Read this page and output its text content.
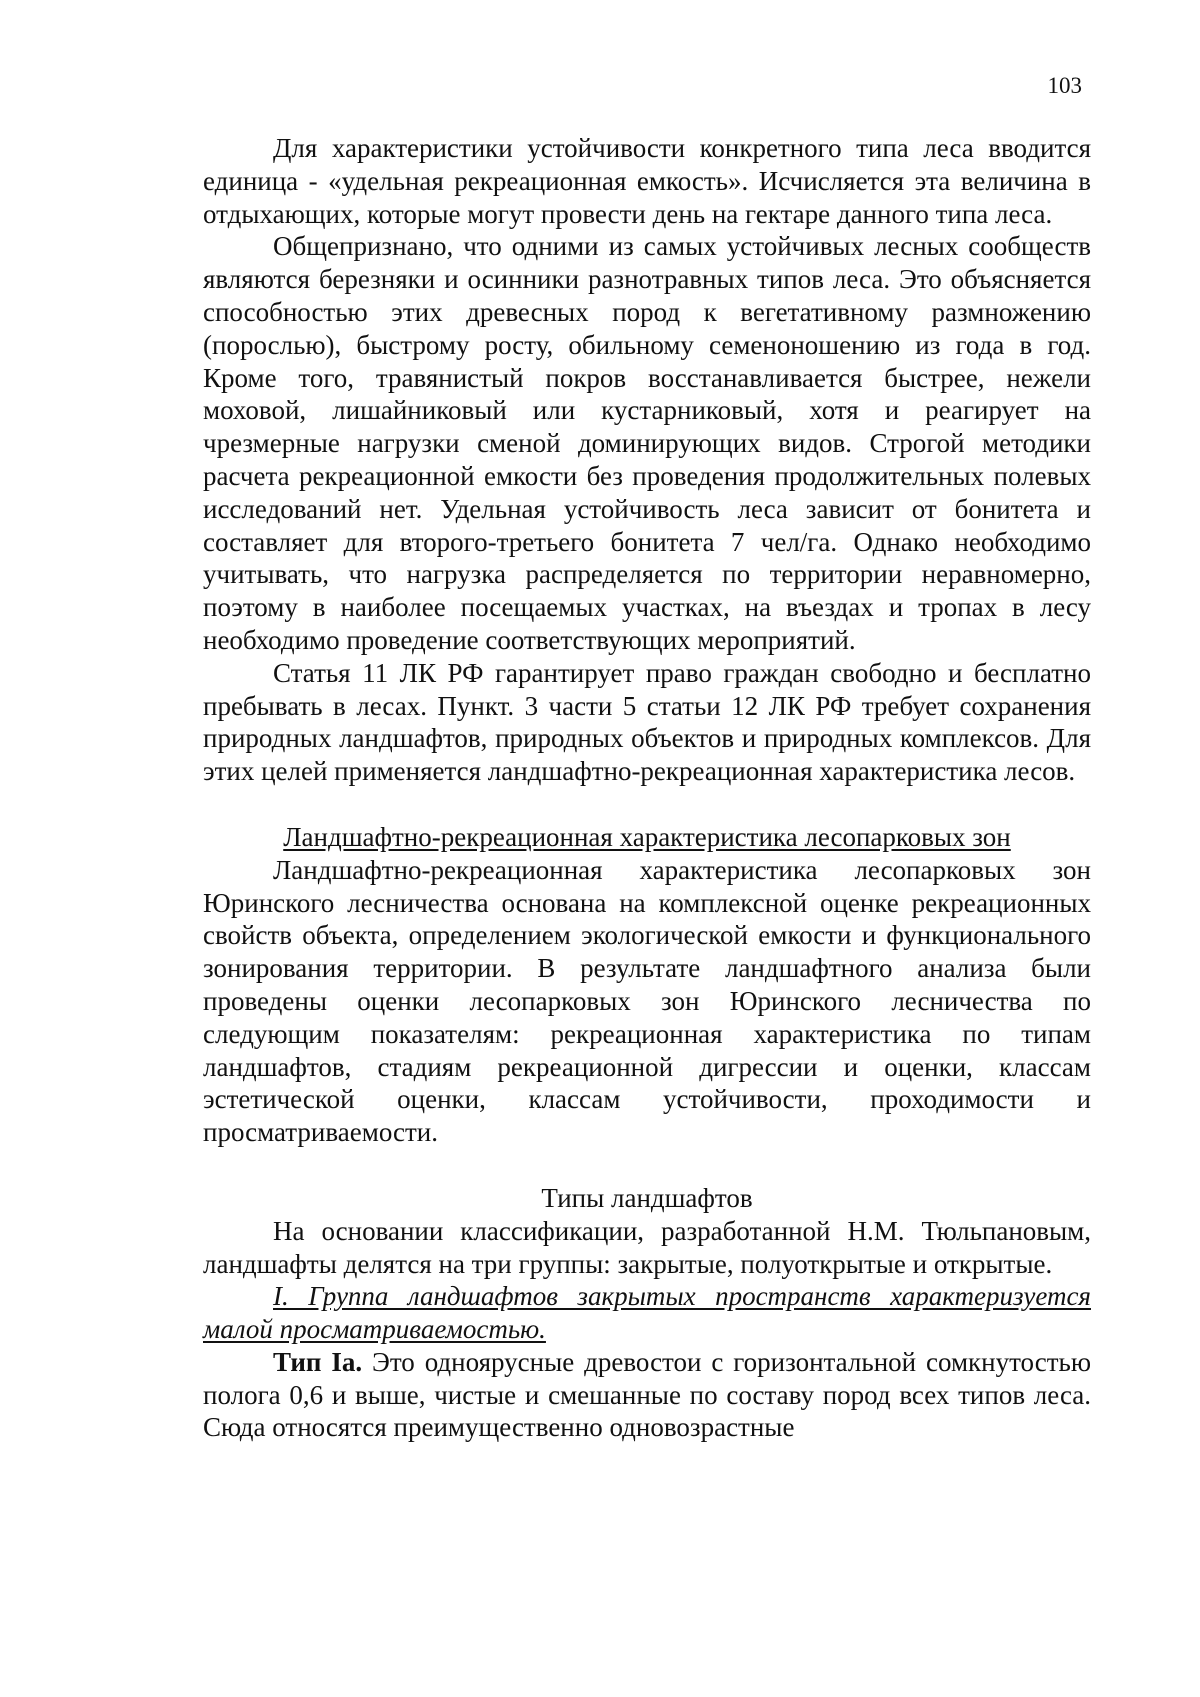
103

Для характеристики устойчивости конкретного типа леса вводится единица - «удельная рекреационная емкость». Исчисляется эта величина в отдыхающих, которые могут провести день на гектаре данного типа леса.

Общепризнано, что одними из самых устойчивых лесных сообществ являются березняки и осинники разнотравных типов леса. Это объясняется способностью этих древесных пород к вегетативному размножению (порослью), быстрому росту, обильному семеноношению из года в год. Кроме того, травянистый покров восстанавливается быстрее, нежели моховой, лишайниковый или кустарниковый, хотя и реагирует на чрезмерные нагрузки сменой доминирующих видов. Строгой методики расчета рекреационной емкости без проведения продолжительных полевых исследований нет. Удельная устойчивость леса зависит от бонитета и составляет для второго-третьего бонитета 7 чел/га. Однако необходимо учитывать, что нагрузка распределяется по территории неравномерно, поэтому в наиболее посещаемых участках, на въездах и тропах в лесу необходимо проведение соответствующих мероприятий.

Статья 11 ЛК РФ гарантирует право граждан свободно и бесплатно пребывать в лесах. Пункт. 3 части 5 статьи 12 ЛК РФ требует сохранения природных ландшафтов, природных объектов и природных комплексов. Для этих целей применяется ландшафтно-рекреационная характеристика лесов.

Ландшафтно-рекреационная характеристика лесопарковых зон

Ландшафтно-рекреационная характеристика лесопарковых зон Юринского лесничества основана на комплексной оценке рекреационных свойств объекта, определением экологической емкости и функционального зонирования территории. В результате ландшафтного анализа были проведены оценки лесопарковых зон Юринского лесничества по следующим показателям: рекреационная характеристика по типам ландшафтов, стадиям рекреационной дигрессии и оценки, классам эстетической оценки, классам устойчивости, проходимости и просматриваемости.

Типы ландшафтов

На основании классификации, разработанной Н.М. Тюльпановым, ландшафты делятся на три группы: закрытые, полуоткрытые и открытые.

I. Группа ландшафтов закрытых пространств характеризуется малой просматриваемостью.

Тип Iа. Это одноярусные древостои с горизонтальной сомкнутостью полога 0,6 и выше, чистые и смешанные по составу пород всех типов леса. Сюда относятся преимущественно одновозрастные
